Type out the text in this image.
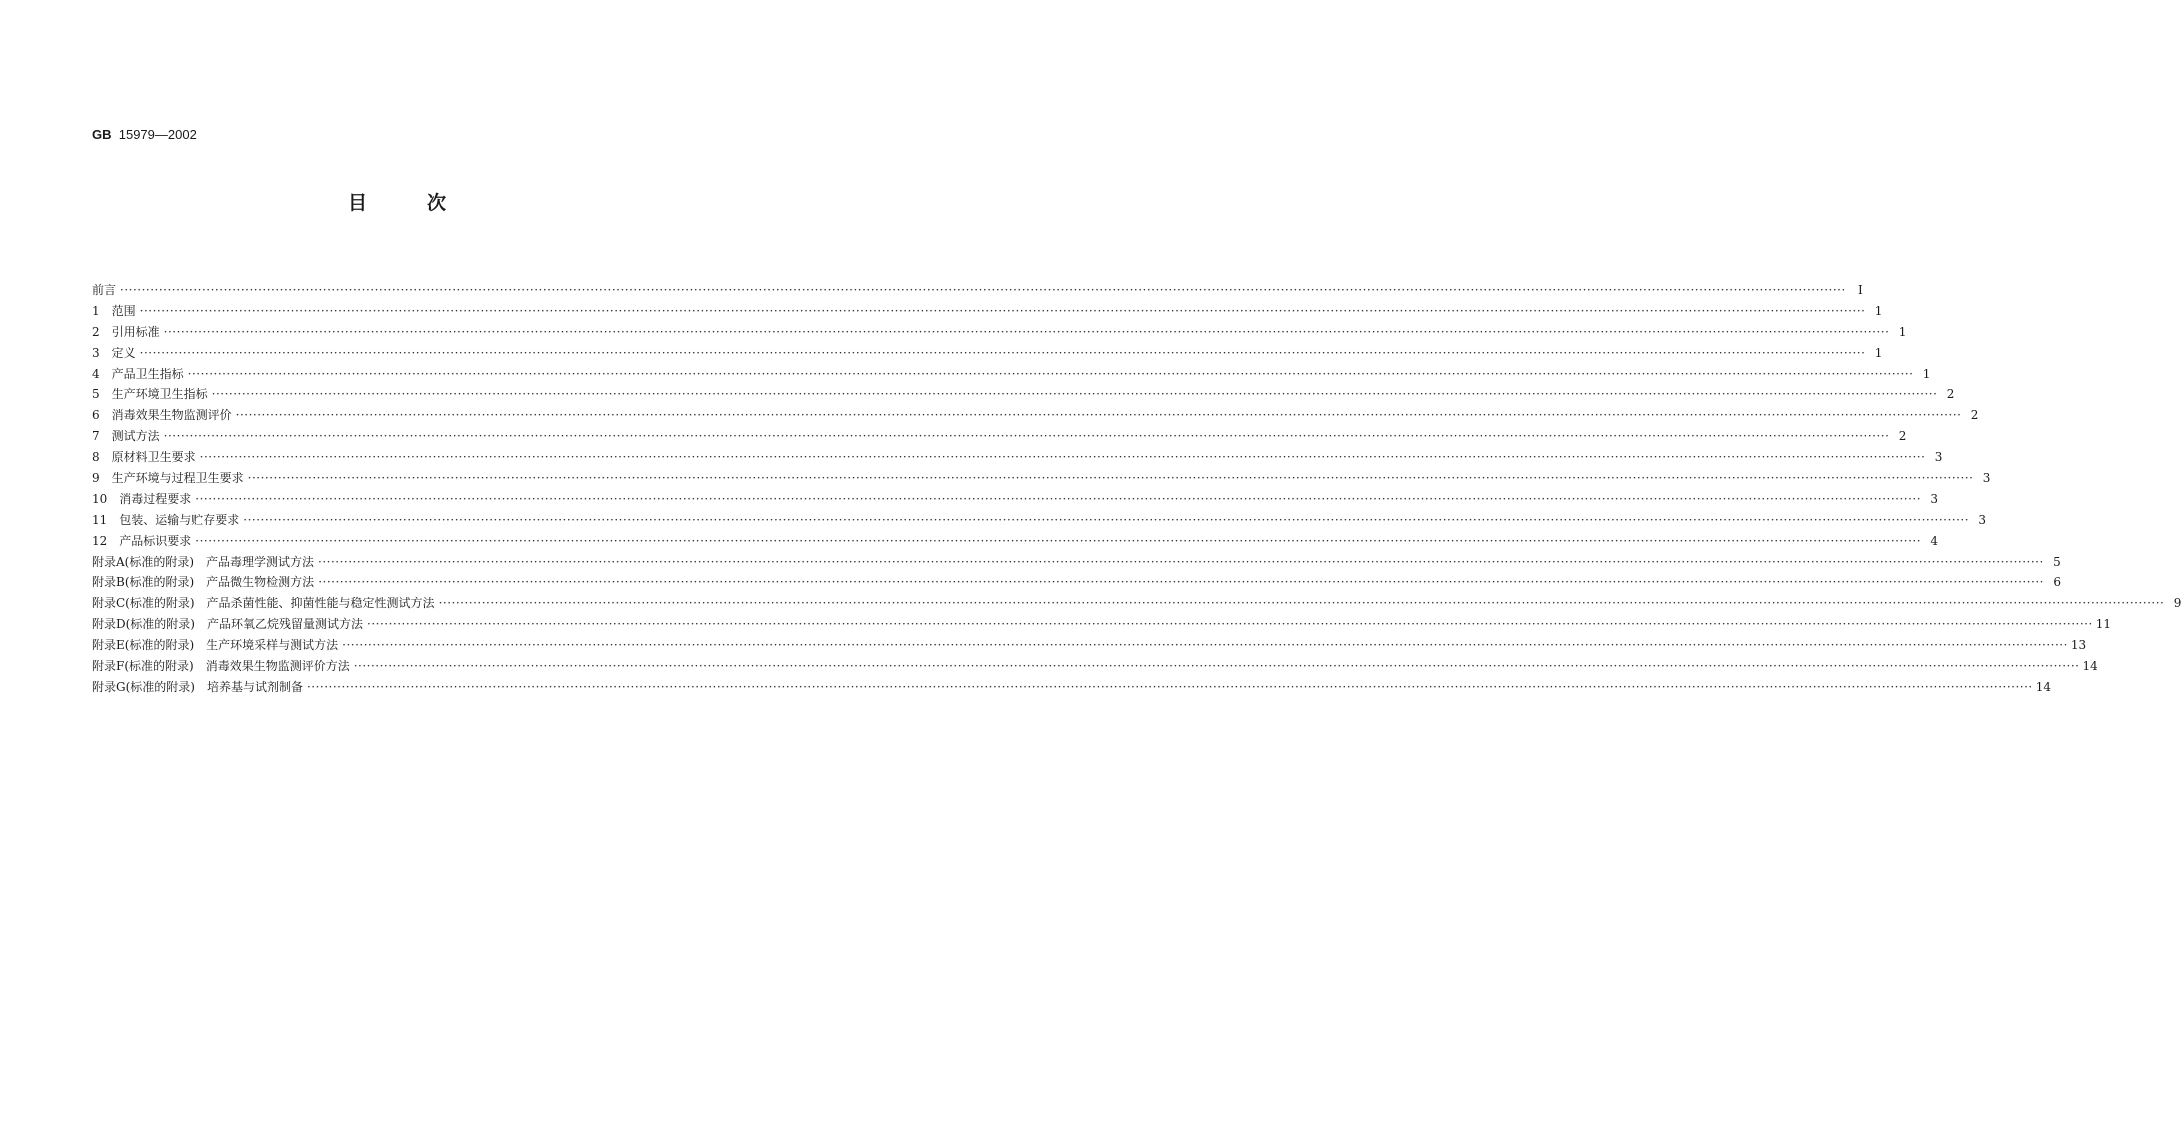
GB 15979—2002
目次
前言 ················································································································································································································································································································································································································	I
1　范围 ················································································································································································································································································································································································································ 1
2　引用标准 ················································································································································································································································································································································································································ 1
3　定义 ················································································································································································································································································································································································································ 1
4　产品卫生指标 ················································································································································································································································································································································································································ 1
5　生产环境卫生指标 ················································································································································································································································································································································································································ 2
6　消毒效果生物监测评价 ················································································································································································································································································································································································································ 2
7　测试方法 ················································································································································································································································································································································································································ 2
8　原材料卫生要求 ················································································································································································································································································································································································································ 3
9　生产环境与过程卫生要求 ················································································································································································································································································································································································································ 3
10　消毒过程要求 ················································································································································································································································································································································································································ 3
11　包装、运输与贮存要求 ················································································································································································································································································································································································································ 3
12　产品标识要求 ················································································································································································································································································································································································································ 4
附录A(标准的附录)　产品毒理学测试方法 ················································································································································································································································································································································································································ 5
附录B(标准的附录)　产品微生物检测方法 ················································································································································································································································································································································································································ 6
附录C(标准的附录)　产品杀菌性能、抑菌性能与稳定性测试方法 ················································································································································································································································································································································································································ 9
附录D(标准的附录)　产品环氧乙烷残留量测试方法 ················································································································································································································································································································································································································ 11
附录E(标准的附录)　生产环境采样与测试方法 ················································································································································································································································································································································································································ 13
附录F(标准的附录)　消毒效果生物监测评价方法 ················································································································································································································································································································································································································ 14
附录G(标准的附录)　培养基与试剂制备 ················································································································································································································································································································································································································ 14
